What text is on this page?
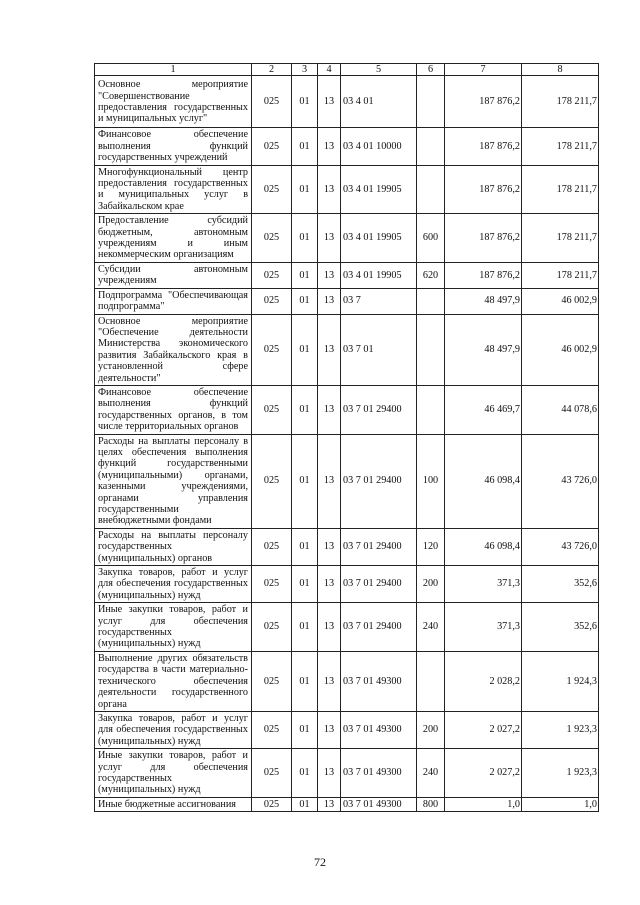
1	2	3	4	5	6	7	8
Основное мероприятие "Совершенствование предоставления государственных и муниципальных услуг"	025	01	13	03 4 01		187 876,2	178 211,7
Финансовое обеспечение выполнения функций государственных учреждений	025	01	13	03 4 01 10000		187 876,2	178 211,7
Многофункциональный центр предоставления государственных и муниципальных услуг в Забайкальском крае	025	01	13	03 4 01 19905		187 876,2	178 211,7
Предоставление субсидий бюджетным, автономным учреждениям и иным некоммерческим организациям	025	01	13	03 4 01 19905	600	187 876,2	178 211,7
Субсидии автономным учреждениям	025	01	13	03 4 01 19905	620	187 876,2	178 211,7
Подпрограмма "Обеспечивающая подпрограмма"	025	01	13	03 7		48 497,9	46 002,9
Основное мероприятие "Обеспечение деятельности Министерства экономического развития Забайкальского края в установленной сфере деятельности"	025	01	13	03 7 01		48 497,9	46 002,9
Финансовое обеспечение выполнения функций государственных органов, в том числе территориальных органов	025	01	13	03 7 01 29400		46 469,7	44 078,6
Расходы на выплаты персоналу в целях обеспечения выполнения функций государственными (муниципальными) органами, казенными учреждениями, органами управления государственными внебюджетными фондами	025	01	13	03 7 01 29400	100	46 098,4	43 726,0
Расходы на выплаты персоналу государственных (муниципальных) органов	025	01	13	03 7 01 29400	120	46 098,4	43 726,0
Закупка товаров, работ и услуг для обеспечения государственных (муниципальных) нужд	025	01	13	03 7 01 29400	200	371,3	352,6
Иные закупки товаров, работ и услуг для обеспечения государственных (муниципальных) нужд	025	01	13	03 7 01 29400	240	371,3	352,6
Выполнение других обязательств государства в части материально-технического обеспечения деятельности государственного органа	025	01	13	03 7 01 49300		2 028,2	1 924,3
Закупка товаров, работ и услуг для обеспечения государственных (муниципальных) нужд	025	01	13	03 7 01 49300	200	2 027,2	1 923,3
Иные закупки товаров, работ и услуг для обеспечения государственных (муниципальных) нужд	025	01	13	03 7 01 49300	240	2 027,2	1 923,3
Иные бюджетные ассигнования	025	01	13	03 7 01 49300	800	1,0	1,0
72
